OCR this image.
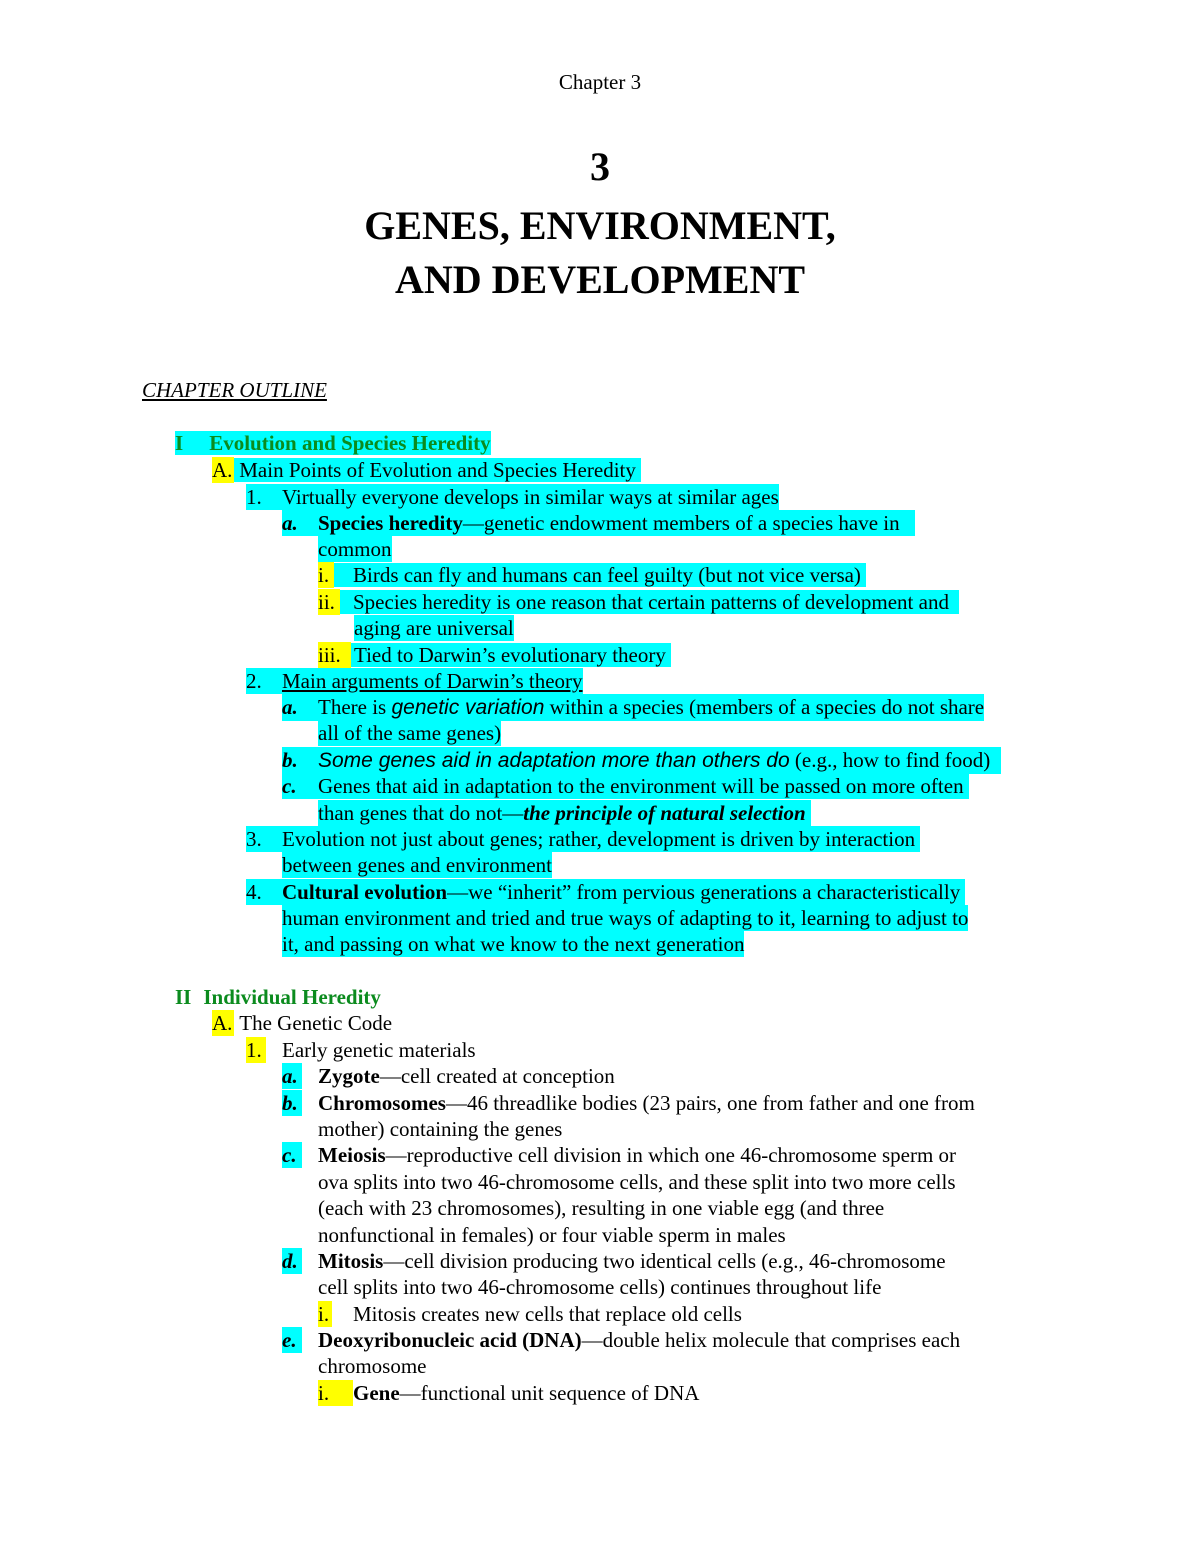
Chapter 3
3
GENES, ENVIRONMENT,
AND DEVELOPMENT
CHAPTER OUTLINE
I Evolution and Species Heredity
A. Main Points of Evolution and Species Heredity
1. Virtually everyone develops in similar ways at similar ages
a. Species heredity—genetic endowment members of a species have in
common
i. Birds can fly and humans can feel guilty (but not vice versa)
ii. Species heredity is one reason that certain patterns of development and
aging are universal
iii. Tied to Darwin’s evolutionary theory
2. Main arguments of Darwin’s theory
a. There is genetic variation within a species (members of a species do not share
all of the same genes)
b. Some genes aid in adaptation more than others do (e.g., how to find food)
c. Genes that aid in adaptation to the environment will be passed on more often
than genes that do not—the principle of natural selection
3. Evolution not just about genes; rather, development is driven by interaction
between genes and environment
4. Cultural evolution—we “inherit” from pervious generations a characteristically
human environment and tried and true ways of adapting to it, learning to adjust to
it, and passing on what we know to the next generation
II Individual Heredity
A. The Genetic Code
1. Early genetic materials
a. Zygote—cell created at conception
b. Chromosomes—46 threadlike bodies (23 pairs, one from father and one from
mother) containing the genes
c. Meiosis—reproductive cell division in which one 46-chromosome sperm or
ova splits into two 46-chromosome cells, and these split into two more cells
(each with 23 chromosomes), resulting in one viable egg (and three
nonfunctional in females) or four viable sperm in males
d. Mitosis—cell division producing two identical cells (e.g., 46-chromosome
cell splits into two 46-chromosome cells) continues throughout life
i. Mitosis creates new cells that replace old cells
e. Deoxyribonucleic acid (DNA)—double helix molecule that comprises each
chromosome
i. Gene—functional unit sequence of DNA
